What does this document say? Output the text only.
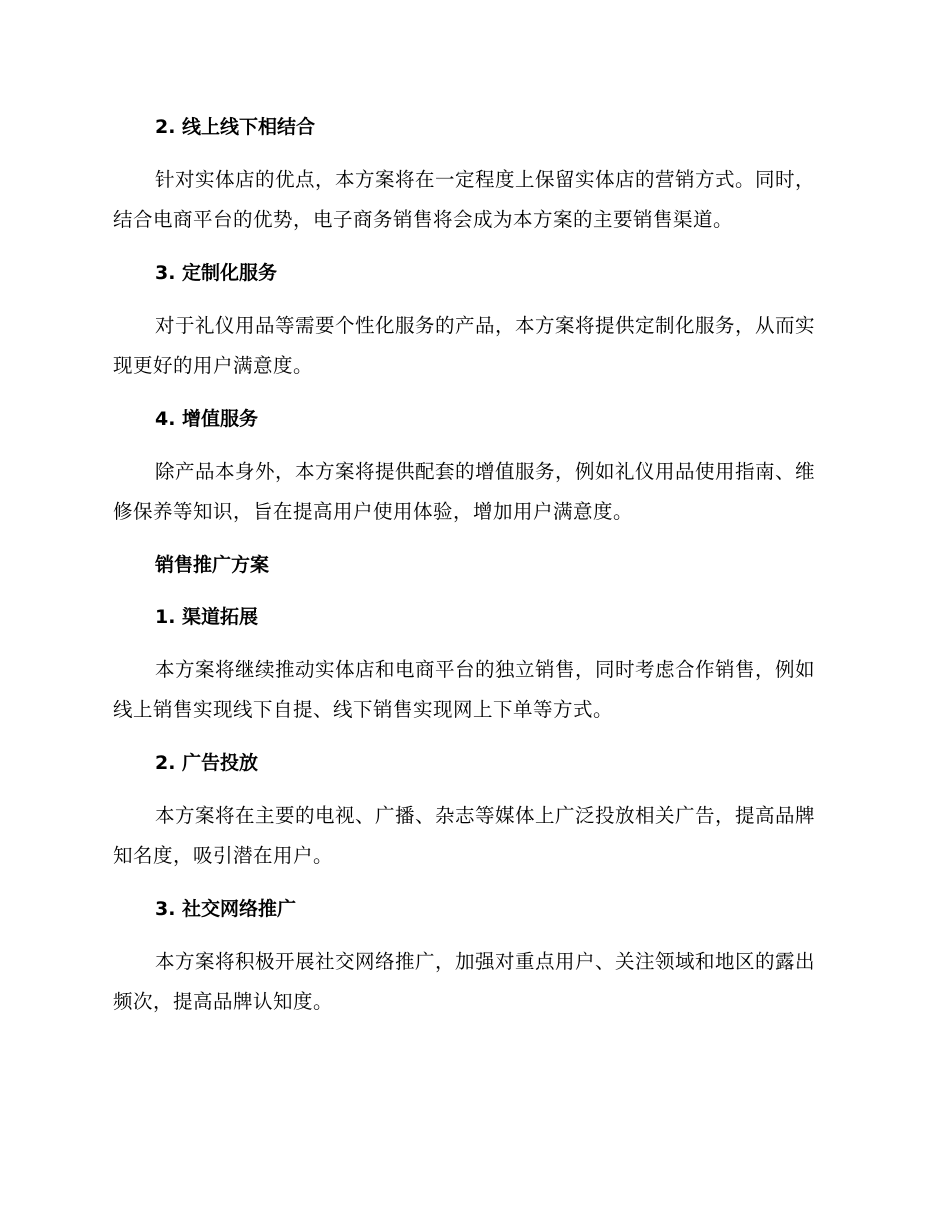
2. 线上线下相结合

针对实体店的优点，本方案将在一定程度上保留实体店的营销方式。同时，结合电商平台的优势，电子商务销售将会成为本方案的主要销售渠道。

3. 定制化服务

对于礼仪用品等需要个性化服务的产品，本方案将提供定制化服务，从而实现更好的用户满意度。

4. 增值服务

除产品本身外，本方案将提供配套的增值服务，例如礼仪用品使用指南、维修保养等知识，旨在提高用户使用体验，增加用户满意度。

销售推广方案
1. 渠道拓展

本方案将继续推动实体店和电商平台的独立销售，同时考虑合作销售，例如线上销售实现线下自提、线下销售实现网上下单等方式。

2. 广告投放

本方案将在主要的电视、广播、杂志等媒体上广泛投放相关广告，提高品牌知名度，吸引潜在用户。

3. 社交网络推广

本方案将积极开展社交网络推广，加强对重点用户、关注领域和地区的露出频次，提高品牌认知度。
